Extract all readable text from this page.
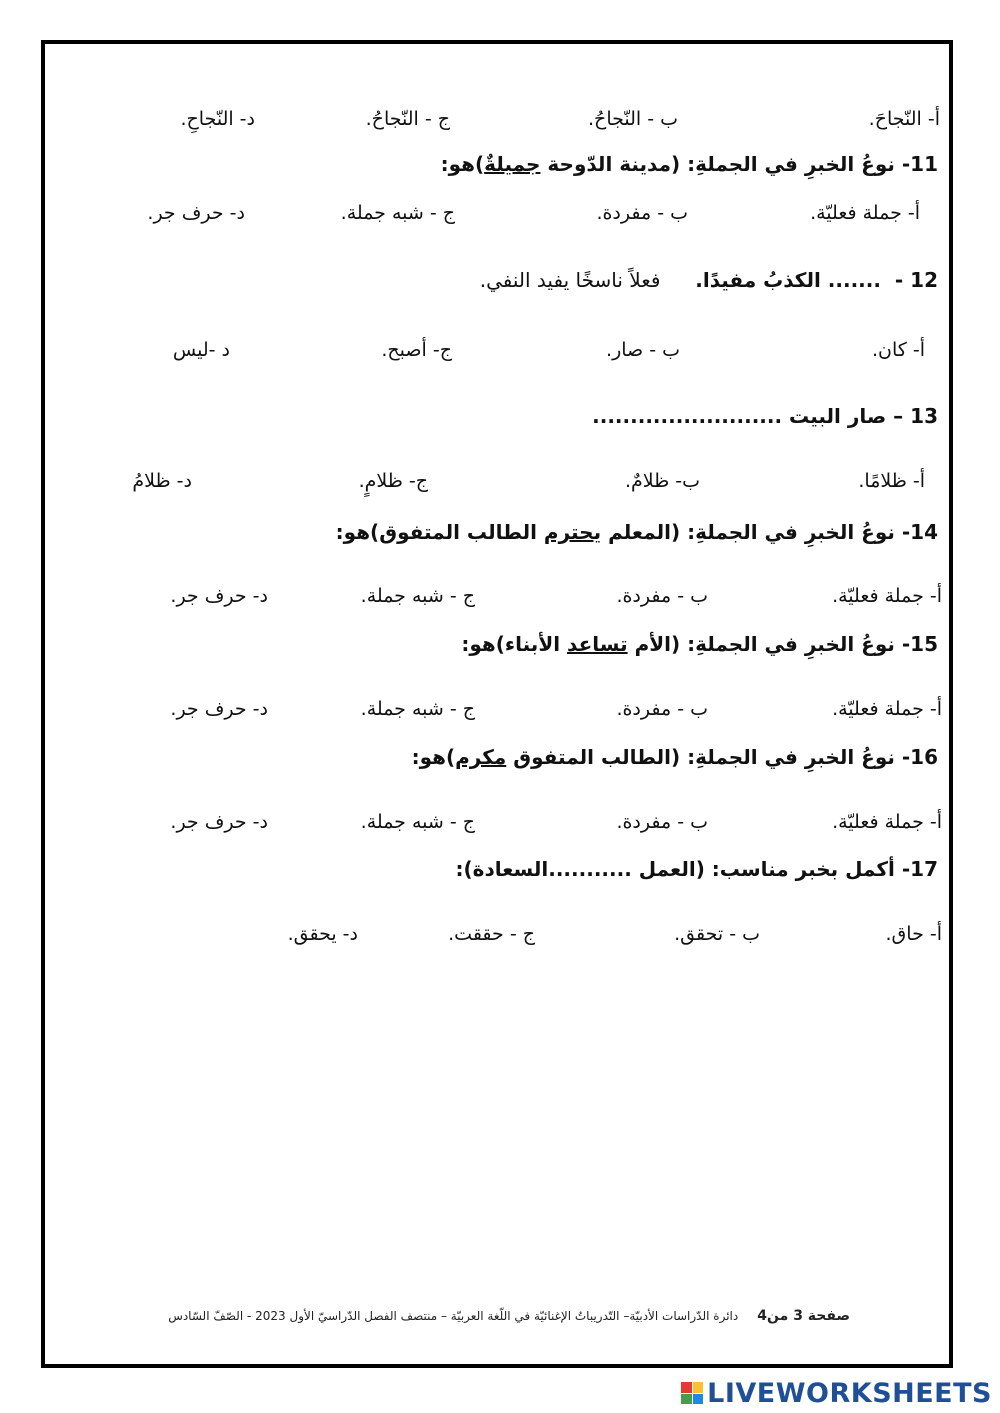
أ- النّجاحَ.
ب - النّجاحُ.
ج - النّجاحُ.
د- النّجاحِ.
11- نوعُ الخبرِ في الجملةِ: (مدينة الدّوحة جميلةٌ)هو:
أ- جملة فعليّة.
ب - مفردة.
ج - شبه جملة.
د- حرف جر.
12 -  ....... الكذبُ مفيدًا.     فعلاً ناسخًا يفيد النفي.
أ- كان.
ب - صار.
ج- أصبح.
د -ليس
13 – صار البيت .........................
أ- ظلامًا.
ب- ظلامٌ.
ج- ظلامٍ.
د- ظلامُ
14- نوعُ الخبرِ في الجملةِ: (المعلم يحترم الطالب المتفوق)هو:
أ- جملة فعليّة.
ب - مفردة.
ج - شبه جملة.
د- حرف جر.
15- نوعُ الخبرِ في الجملةِ: (الأم تساعد الأبناء)هو:
أ- جملة فعليّة.
ب - مفردة.
ج - شبه جملة.
د- حرف جر.
16- نوعُ الخبرِ في الجملةِ: (الطالب المتفوق مكرم)هو:
أ- جملة فعليّة.
ب - مفردة.
ج - شبه جملة.
د- حرف جر.
17- أكمل بخبر مناسب: (العمل ...........السعادة):
أ- حاق.
ب - تحقق.
ج - حققت.
د- يحقق.
صفحة 3 من4     دائرة الدّراسات الأدبيّة– التّدريباتُ الإغنائيّة في اللّغة العربيّة – منتصف الفصل الدّراسيّ الأول 2023 - الصّفّ السّادس
LIVEWORKSHEETS
